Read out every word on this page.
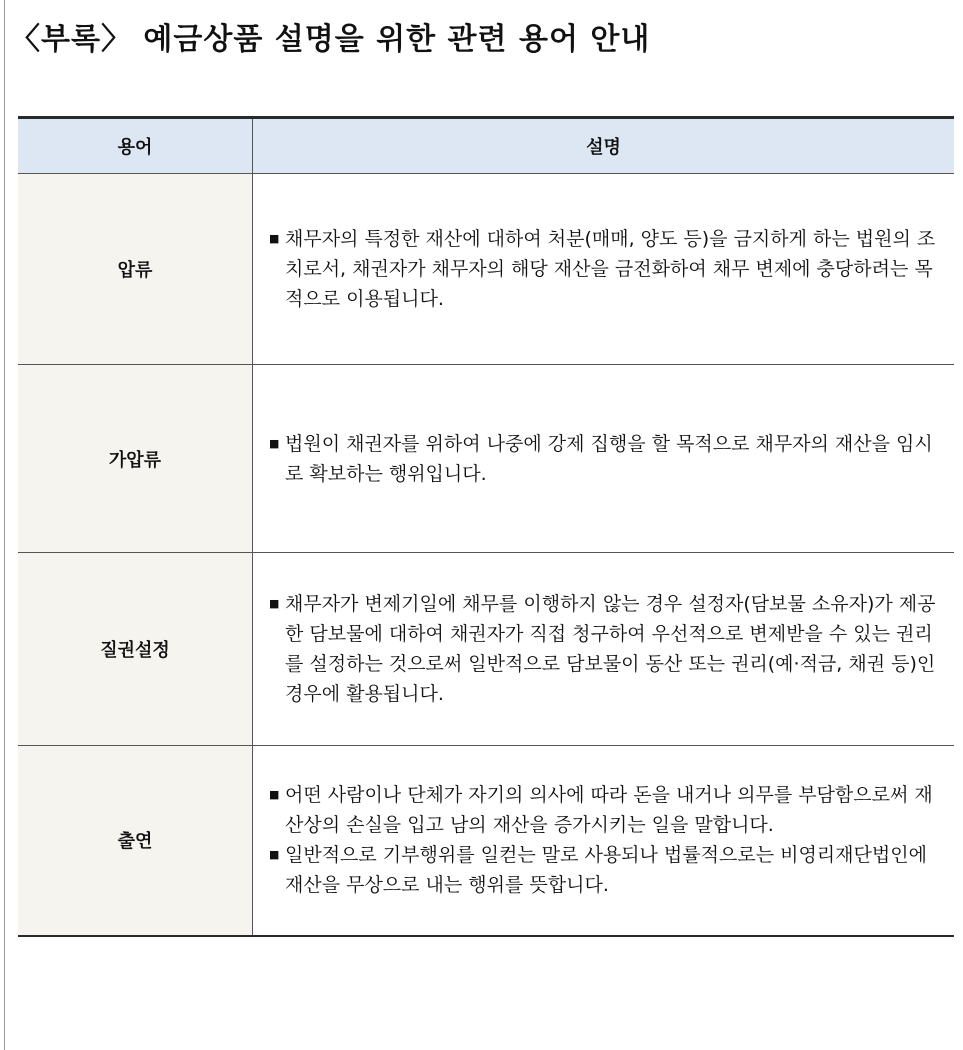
〈부록〉 예금상품 설명을 위한 관련 용어 안내
용어	설명
압류	■ 채무자의 특정한 재산에 대하여 처분(매매, 양도 등)을 금지하게 하는 법원의 조치로서, 채권자가 채무자의 해당 재산을 금전화하여 채무 변제에 충당하려는 목적으로 이용됩니다.

가압류	■ 법원이 채권자를 위하여 나중에 강제 집행을 할 목적으로 채무자의 재산을 임시로 확보하는 행위입니다.

질권설정	■ 채무자가 변제기일에 채무를 이행하지 않는 경우 설정자(담보물 소유자)가 제공한 담보물에 대하여 채권자가 직접 청구하여 우선적으로 변제받을 수 있는 권리를 설정하는 것으로써 일반적으로 담보물이 동산 또는 권리(예·적금, 채권 등)인 경우에 활용됩니다.

출연	■ 어떤 사람이나 단체가 자기의 의사에 따라 돈을 내거나 의무를 부담함으로써 재산상의 손실을 입고 남의 재산을 증가시키는 일을 말합니다.
■ 일반적으로 기부행위를 일컫는 말로 사용되나 법률적으로는 비영리재단법인에 재산을 무상으로 내는 행위를 뜻합니다.
